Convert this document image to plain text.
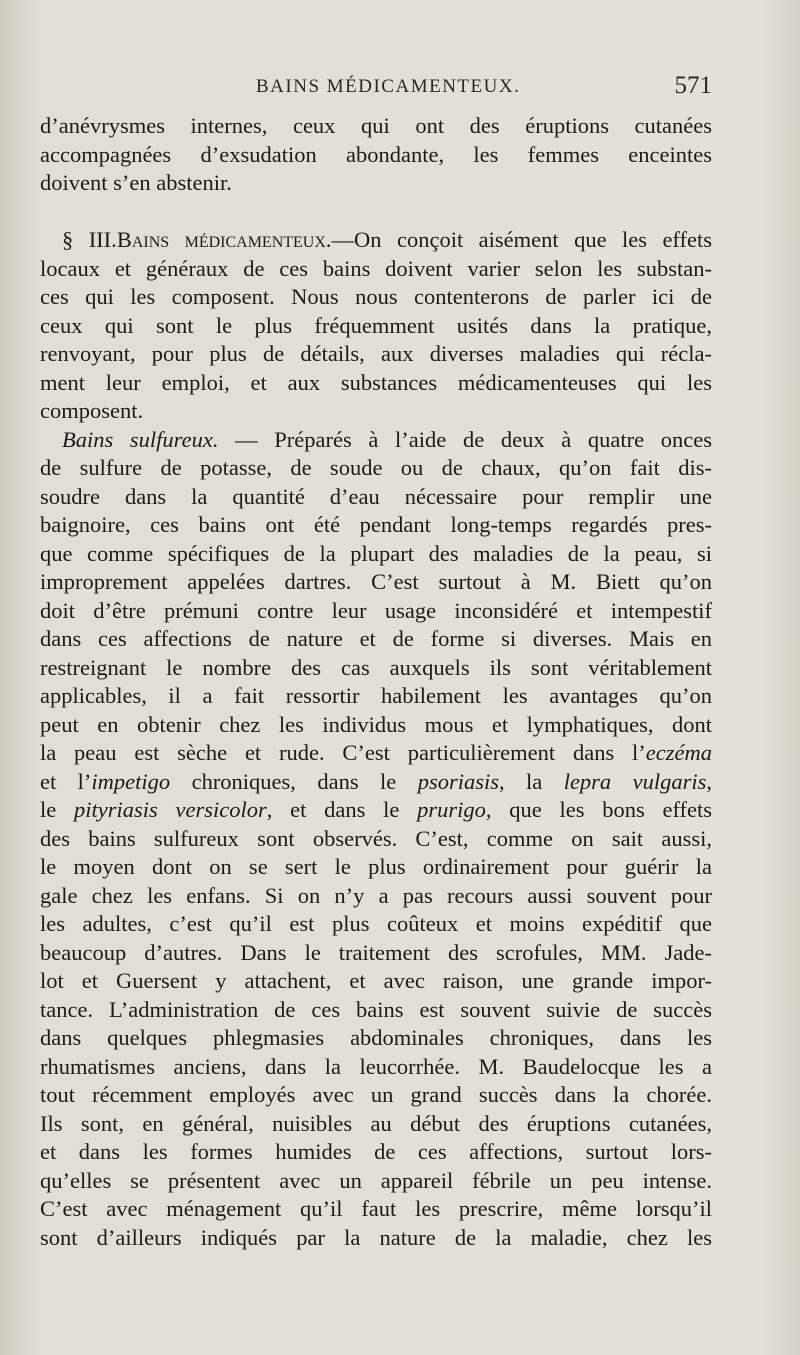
BAINS MÉDICAMENTEUX.	571
d’anévrysmes internes, ceux qui ont des éruptions cutanées
accompagnées d’exsudation abondante, les femmes enceintes
doivent s’en abstenir.
§ III.Bains médicamenteux.—On conçoit aisément que les effets
locaux et généraux de ces bains doivent varier selon les substan-
ces qui les composent. Nous nous contenterons de parler ici de
ceux qui sont le plus fréquemment usités dans la pratique,
renvoyant, pour plus de détails, aux diverses maladies qui récla-
ment leur emploi, et aux substances médicamenteuses qui les
composent.
Bains sulfureux. — Préparés à l’aide de deux à quatre onces
de sulfure de potasse, de soude ou de chaux, qu’on fait dis-
soudre dans la quantité d’eau nécessaire pour remplir une
baignoire, ces bains ont été pendant long-temps regardés pres-
que comme spécifiques de la plupart des maladies de la peau, si
improprement appelées dartres. C’est surtout à M. Biett qu’on
doit d’être prémuni contre leur usage inconsidéré et intempestif
dans ces affections de nature et de forme si diverses. Mais en
restreignant le nombre des cas auxquels ils sont véritablement
applicables, il a fait ressortir habilement les avantages qu’on
peut en obtenir chez les individus mous et lymphatiques, dont
la peau est sèche et rude. C’est particulièrement dans l’eczéma
et l’impetigo chroniques, dans le psoriasis, la lepra vulgaris,
le pityriasis versicolor, et dans le prurigo, que les bons effets
des bains sulfureux sont observés. C’est, comme on sait aussi,
le moyen dont on se sert le plus ordinairement pour guérir la
gale chez les enfans. Si on n’y a pas recours aussi souvent pour
les adultes, c’est qu’il est plus coûteux et moins expéditif que
beaucoup d’autres. Dans le traitement des scrofules, MM. Jade-
lot et Guersent y attachent, et avec raison, une grande impor-
tance. L’administration de ces bains est souvent suivie de succès
dans quelques phlegmasies abdominales chroniques, dans les
rhumatismes anciens, dans la leucorrhée. M. Baudelocque les a
tout récemment employés avec un grand succès dans la chorée.
Ils sont, en général, nuisibles au début des éruptions cutanées,
et dans les formes humides de ces affections, surtout lors-
qu’elles se présentent avec un appareil fébrile un peu intense.
C’est avec ménagement qu’il faut les prescrire, même lorsqu’il
sont d’ailleurs indiqués par la nature de la maladie, chez les
